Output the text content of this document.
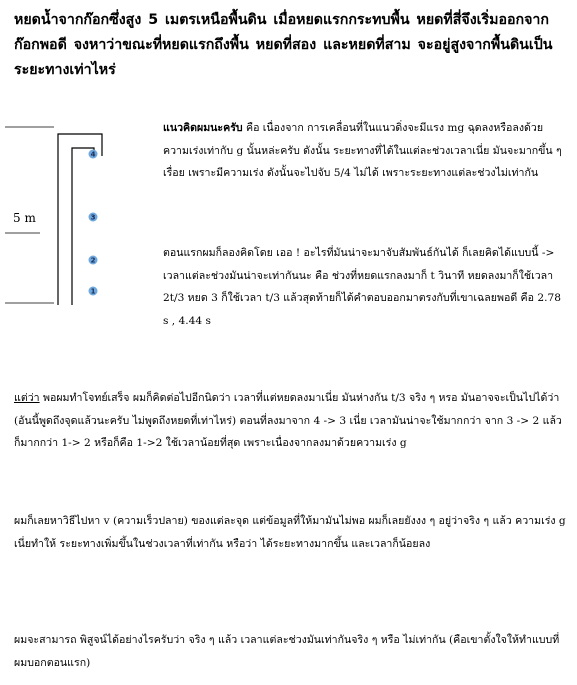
หยดน้ำจากก๊อกซึ่งสูง 5 เมตรเหนือพื้นดิน เมื่อหยดแรกกระทบพื้น หยดที่สี่จึงเริ่มออกจากก๊อกพอดี จงหาว่าขณะที่หยดแรกถึงพื้น หยดที่สอง และหยดที่สาม จะอยู่สูงจากพื้นดินเป็นระยะทางเท่าไหร่
5 m
4
3
2
1

แนวคิดผมนะครับ คือ เนื่องจาก การเคลื่อนที่ในแนวดิ่งจะมีแรง mg ฉุดลงหรือลงด้วยความเร่งเท่ากับ g นั้นหล่ะครับ ดังนั้น ระยะทางที่ได้ในแต่ละช่วงเวลาเนี่ย มันจะมากขึ้น ๆ เรื่อย เพราะมีความเร่ง ดังนั้นจะไปจับ 5/4 ไม่ได้ เพราะระยะทางแต่ละช่วงไม่เท่ากัน

ตอนแรกผมก็ลองคิดโดย เออ ! อะไรที่มันน่าจะมาจับสัมพันธ์กันได้ ก็เลยคิดได้แบบนี้ -> เวลาแต่ละช่วงมันน่าจะเท่ากันนะ คือ ช่วงที่หยดแรกลงมาก็ t วินาที หยดลงมาก็ใช้เวลา 2t/3 หยด 3 ก็ใช้เวลา t/3 แล้วสุดท้ายก็ได้คำตอบออกมาตรงกับที่เขาเฉลยพอดี คือ 2.78 s , 4.44 s

แต่ว่า พอผมทำโจทย์เสร็จ ผมก็คิดต่อไปอีกนิดว่า เวลาที่แต่หยดลงมาเนี่ย มันห่างกัน t/3 จริง ๆ หรอ มันอาจจะเป็นไปได้ว่า (อันนี้พูดถึงจุดแล้วนะครับ ไม่พูดถึงหยดที่เท่าไหร่) ตอนที่ลงมาจาก 4 -> 3 เนี่ย เวลามันน่าจะใช้มากกว่า จาก 3 -> 2 แล้วก็มากกว่า 1-> 2 หรือก็คือ 1->2 ใช้เวลาน้อยที่สุด เพราะเนื่องจากลงมาด้วยความเร่ง g

ผมก็เลยหาวิธีไปหา v (ความเร็วปลาย) ของแต่ละจุด แต่ข้อมูลที่ให้มามันไม่พอ ผมก็เลยยังงง ๆ อยู่ว่าจริง ๆ แล้ว ความเร่ง g เนี่ยทำให้ ระยะทางเพิ่มขึ้นในช่วงเวลาที่เท่ากัน หรือว่า ได้ระยะทางมากขึ้น และเวลาก็น้อยลง

ผมจะสามารถ พิสูจน์ได้อย่างไรครับว่า จริง ๆ แล้ว เวลาแต่ละช่วงมันเท่ากันจริง ๆ หรือ ไม่เท่ากัน (คือเขาตั้งใจให้ทำแบบที่ผมบอกตอนแรก)
